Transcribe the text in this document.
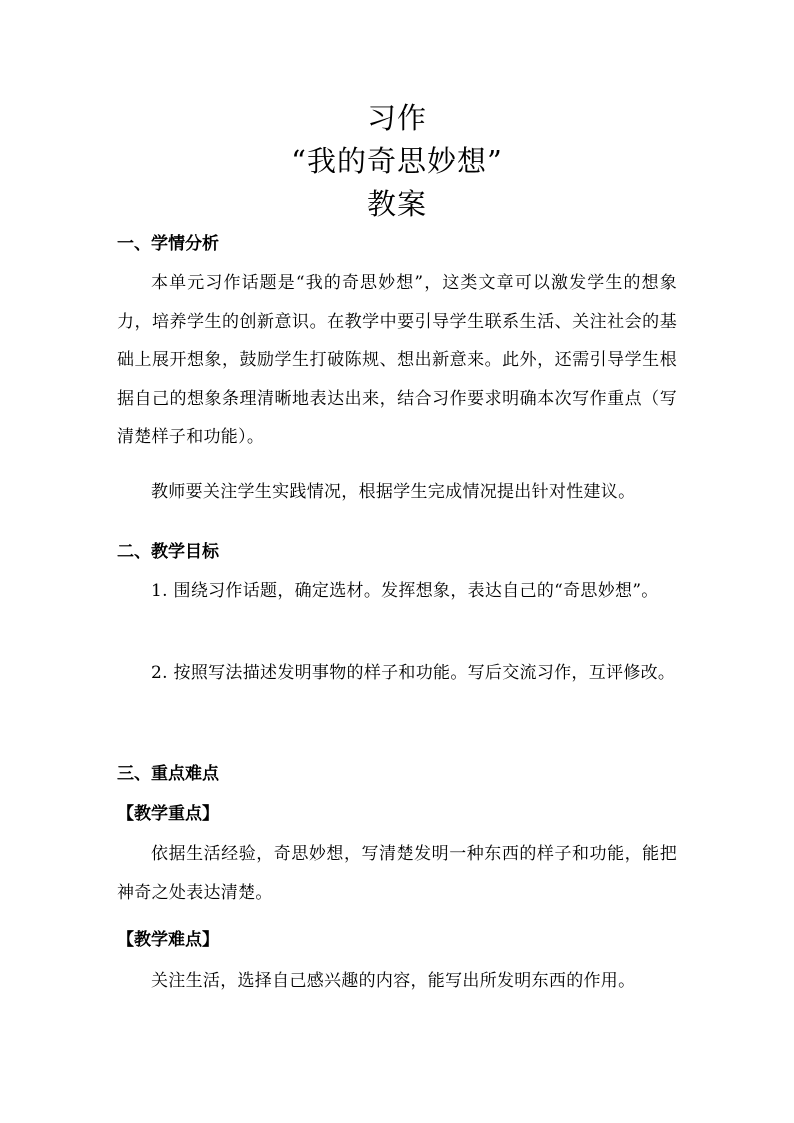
习作
“我的奇思妙想”
教案
一、学情分析
本单元习作话题是“我的奇思妙想”，这类文章可以激发学生的想象力，培养学生的创新意识。在教学中要引导学生联系生活、关注社会的基础上展开想象，鼓励学生打破陈规、想出新意来。此外，还需引导学生根据自己的想象条理清晰地表达出来，结合习作要求明确本次写作重点（写清楚样子和功能）。
教师要关注学生实践情况，根据学生完成情况提出针对性建议。
二、教学目标
1. 围绕习作话题，确定选材。发挥想象，表达自己的“奇思妙想”。
2. 按照写法描述发明事物的样子和功能。写后交流习作，互评修改。
三、重点难点
【教学重点】
依据生活经验，奇思妙想，写清楚发明一种东西的样子和功能，能把神奇之处表达清楚。
【教学难点】
关注生活，选择自己感兴趣的内容，能写出所发明东西的作用。
